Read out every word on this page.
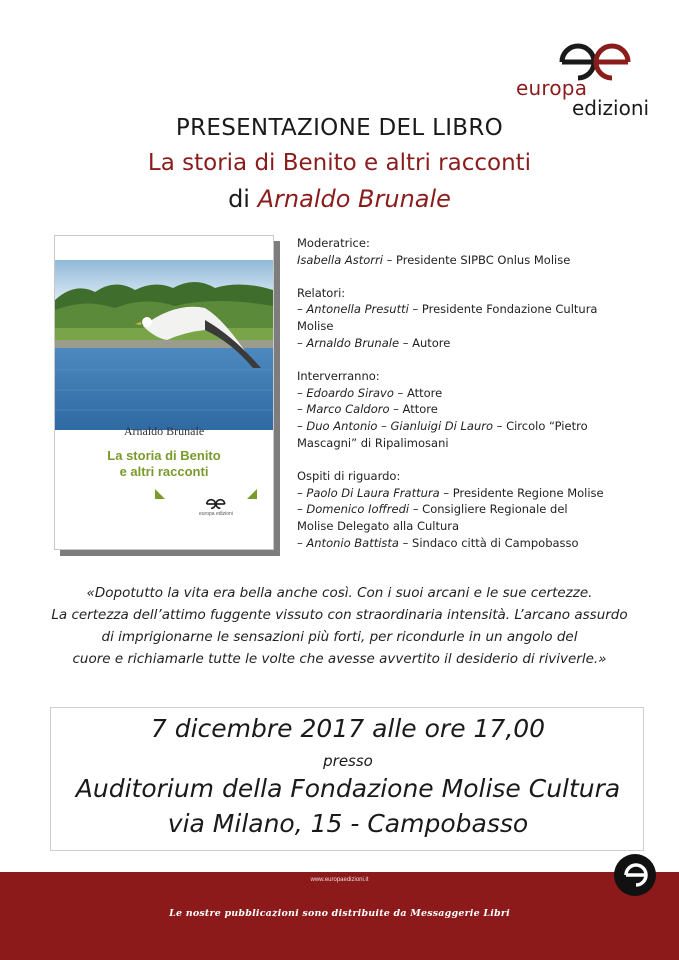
europa
edizioni
PRESENTAZIONE DEL LIBRO
La storia di Benito e altri racconti
di Arnaldo Brunale
Arnaldo Brunale
La storia di Benito
e altri racconti
europa edizioni
Moderatrice:
Isabella Astorri – Presidente SIPBC Onlus Molise
Relatori:
– Antonella Presutti – Presidente Fondazione Cultura Molise
– Arnaldo Brunale – Autore
Interverranno:
– Edoardo Siravo – Attore
– Marco Caldoro – Attore
– Duo Antonio – Gianluigi Di Lauro – Circolo “Pietro Mascagni” di Ripalimosani
Ospiti di riguardo:
– Paolo Di Laura Frattura – Presidente Regione Molise
– Domenico Ioffredi – Consigliere Regionale del Molise Delegato alla Cultura
– Antonio Battista – Sindaco città di Campobasso
«Dopotutto la vita era bella anche così. Con i suoi arcani e le sue certezze.
La certezza dell’attimo fuggente vissuto con straordinaria intensità. L’arcano assurdo
di imprigionarne le sensazioni più forti, per ricondurle in un angolo del
cuore e richiamarle tutte le volte che avesse avvertito il desiderio di riviverle.»
7 dicembre 2017 alle ore 17,00
presso
Auditorium della Fondazione Molise Cultura
via Milano, 15 - Campobasso
www.europaedizioni.it
Le nostre pubblicazioni sono distribuite da Messaggerie Libri
